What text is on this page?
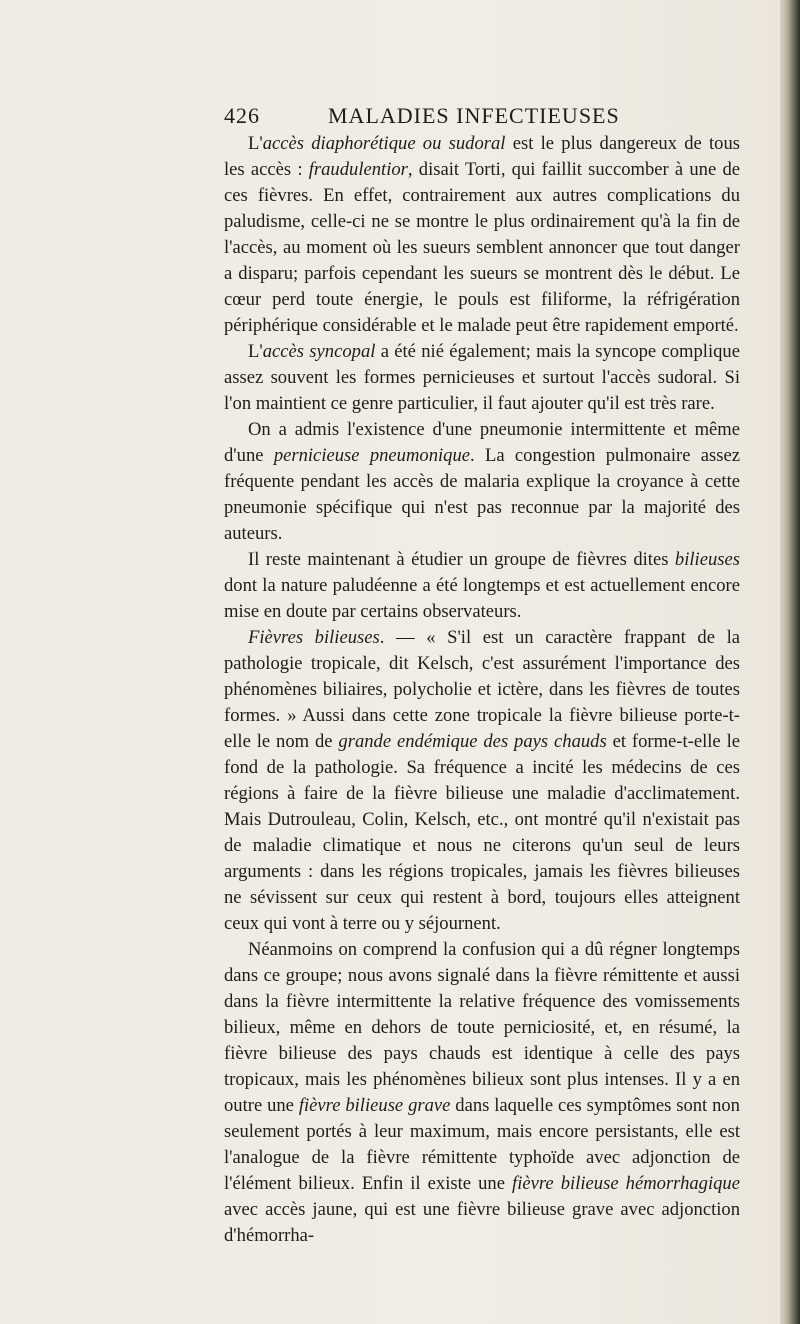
426	MALADIES INFECTIEUSES

L'accès diaphorétique ou sudoral est le plus dangereux de tous les accès : fraudulentior, disait Torti, qui faillit succomber à une de ces fièvres. En effet, contrairement aux autres complications du paludisme, celle-ci ne se montre le plus ordinairement qu'à la fin de l'accès, au moment où les sueurs semblent annoncer que tout danger a disparu; parfois cependant les sueurs se montrent dès le début. Le cœur perd toute énergie, le pouls est filiforme, la réfrigération périphérique considérable et le malade peut être rapidement emporté.

L'accès syncopal a été nié également; mais la syncope complique assez souvent les formes pernicieuses et surtout l'accès sudoral. Si l'on maintient ce genre particulier, il faut ajouter qu'il est très rare.

On a admis l'existence d'une pneumonie intermittente et même d'une pernicieuse pneumonique. La congestion pulmonaire assez fréquente pendant les accès de malaria explique la croyance à cette pneumonie spécifique qui n'est pas reconnue par la majorité des auteurs.

Il reste maintenant à étudier un groupe de fièvres dites bilieuses dont la nature paludéenne a été longtemps et est actuellement encore mise en doute par certains observateurs.

Fièvres bilieuses. — « S'il est un caractère frappant de la pathologie tropicale, dit Kelsch, c'est assurément l'importance des phénomènes biliaires, polycholie et ictère, dans les fièvres de toutes formes. » Aussi dans cette zone tropicale la fièvre bilieuse porte-t-elle le nom de grande endémique des pays chauds et forme-t-elle le fond de la pathologie. Sa fréquence a incité les médecins de ces régions à faire de la fièvre bilieuse une maladie d'acclimatement. Mais Dutrouleau, Colin, Kelsch, etc., ont montré qu'il n'existait pas de maladie climatique et nous ne citerons qu'un seul de leurs arguments : dans les régions tropicales, jamais les fièvres bilieuses ne sévissent sur ceux qui restent à bord, toujours elles atteignent ceux qui vont à terre ou y séjournent.

Néanmoins on comprend la confusion qui a dû régner longtemps dans ce groupe; nous avons signalé dans la fièvre rémittente et aussi dans la fièvre intermittente la relative fréquence des vomissements bilieux, même en dehors de toute perniciosité, et, en résumé, la fièvre bilieuse des pays chauds est identique à celle des pays tropicaux, mais les phénomènes bilieux sont plus intenses. Il y a en outre une fièvre bilieuse grave dans laquelle ces symptômes sont non seulement portés à leur maximum, mais encore persistants, elle est l'analogue de la fièvre rémittente typhoïde avec adjonction de l'élément bilieux. Enfin il existe une fièvre bilieuse hémorrhagique avec accès jaune, qui est une fièvre bilieuse grave avec adjonction d'hémorrha-
